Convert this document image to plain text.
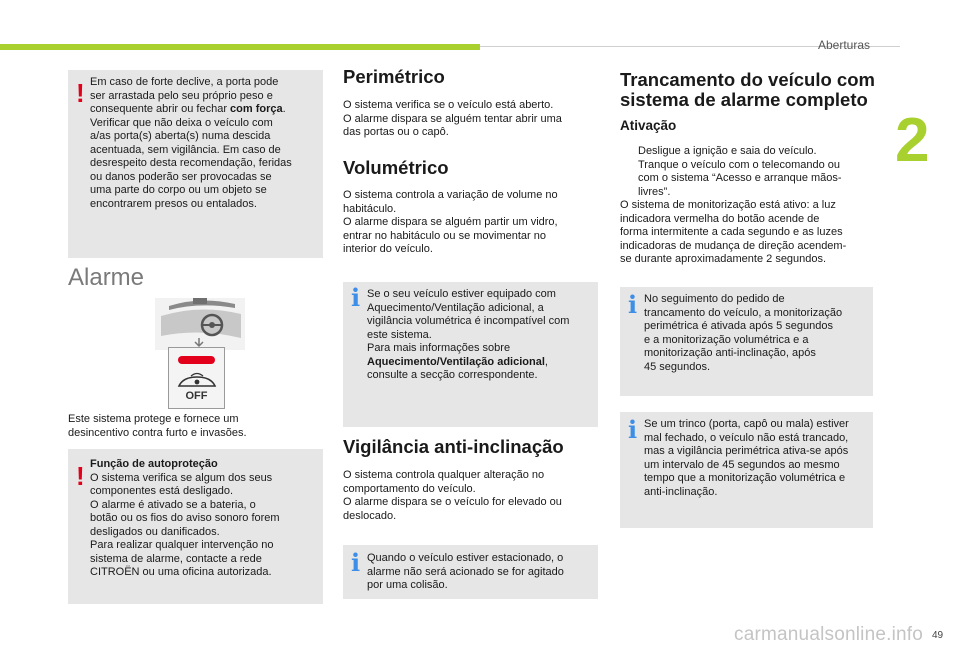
Aberturas
2
! Em caso de forte declive, a porta pode
ser arrastada pelo seu próprio peso e
consequente abrir ou fechar com força.
Verificar que não deixa o veículo com
a/as porta(s) aberta(s) numa descida
acentuada, sem vigilância. Em caso de
desrespeito desta recomendação, feridas
ou danos poderão ser provocadas se
uma parte do corpo ou um objeto se
encontrarem presos ou entalados.
Alarme
OFF
Este sistema protege e fornece um
desincentivo contra furto e invasões.
! Função de autoproteção
O sistema verifica se algum dos seus
componentes está desligado.
O alarme é ativado se a bateria, o
botão ou os fios do aviso sonoro forem
desligados ou danificados.
Para realizar qualquer intervenção no
sistema de alarme, contacte a rede
CITROËN ou uma oficina autorizada.
Perimétrico
O sistema verifica se o veículo está aberto.
O alarme dispara se alguém tentar abrir uma
das portas ou o capô.
Volumétrico
O sistema controla a variação de volume no
habitáculo.
O alarme dispara se alguém partir um vidro,
entrar no habitáculo ou se movimentar no
interior do veículo.
i Se o seu veículo estiver equipado com
Aquecimento/Ventilação adicional, a
vigilância volumétrica é incompatível com
este sistema.
Para mais informações sobre
Aquecimento/Ventilação adicional,
consulte a secção correspondente.
Vigilância anti-inclinação
O sistema controla qualquer alteração no
comportamento do veículo.
O alarme dispara se o veículo for elevado ou
deslocado.
i Quando o veículo estiver estacionado, o
alarme não será acionado se for agitado
por uma colisão.
Trancamento do veículo com
sistema de alarme completo
Ativação
Desligue a ignição e saia do veículo.
Tranque o veículo com o telecomando ou
com o sistema “Acesso e arranque mãos-
livres”.
O sistema de monitorização está ativo: a luz
indicadora vermelha do botão acende de
forma intermitente a cada segundo e as luzes
indicadoras de mudança de direção acendem-
se durante aproximadamente 2 segundos.
i No seguimento do pedido de
trancamento do veículo, a monitorização
perimétrica é ativada após 5 segundos
e a monitorização volumétrica e a
monitorização anti-inclinação, após
45 segundos.
i Se um trinco (porta, capô ou mala) estiver
mal fechado, o veículo não está trancado,
mas a vigilância perimétrica ativa-se após
um intervalo de 45 segundos ao mesmo
tempo que a monitorização volumétrica e
anti-inclinação.
49
carmanualsonline.info
